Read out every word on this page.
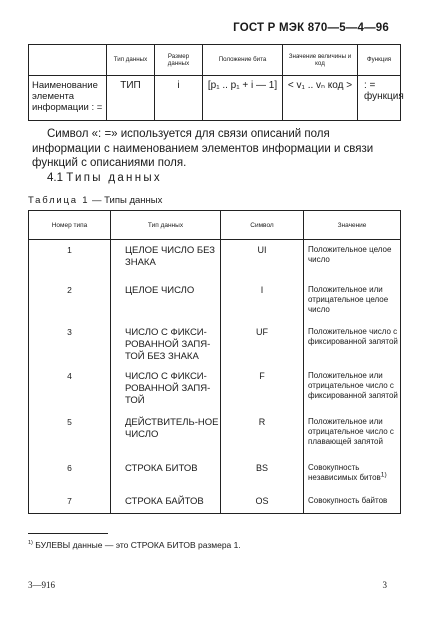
ГОСТ Р МЭК 870—5—4—96
	Тип данных	Размер данных	Положение бита	Значение величины и код	Функция
Наименование элемента информации : =	ТИП	i	[p₁ .. p₁ + i — 1]	< v₁ .. vₙ код >	: = функция
Символ «: =» используется для связи описаний поля информации с наименованием элементов информации и связи функций с описаниями поля.
4.1 Типы данных
Таблица 1 — Типы данных
Номер типа	Тип данных	Символ	Значение
1	ЦЕЛОЕ ЧИСЛО БЕЗ ЗНАКА	UI	Положительное целое число
2	ЦЕЛОЕ ЧИСЛО	I	Положительное или отрицательное целое число
3	ЧИСЛО С ФИКСИ-РОВАННОЙ ЗАПЯ-ТОЙ БЕЗ ЗНАКА	UF	Положительное число с фиксированной запятой
4	ЧИСЛО С ФИКСИ-РОВАННОЙ ЗАПЯ-ТОЙ	F	Положительное или отрицательное число с фиксированной запятой
5	ДЕЙСТВИТЕЛЬ-НОЕ ЧИСЛО	R	Положительное или отрицательное число с плавающей запятой
6	СТРОКА БИТОВ	BS	Совокупность независимых битов$^{1)}$
7	СТРОКА БАЙТОВ	OS	Совокупность байтов
$^{1)}$ БУЛЕВЫ данные — это СТРОКА БИТОВ размера 1.
3—916	3
